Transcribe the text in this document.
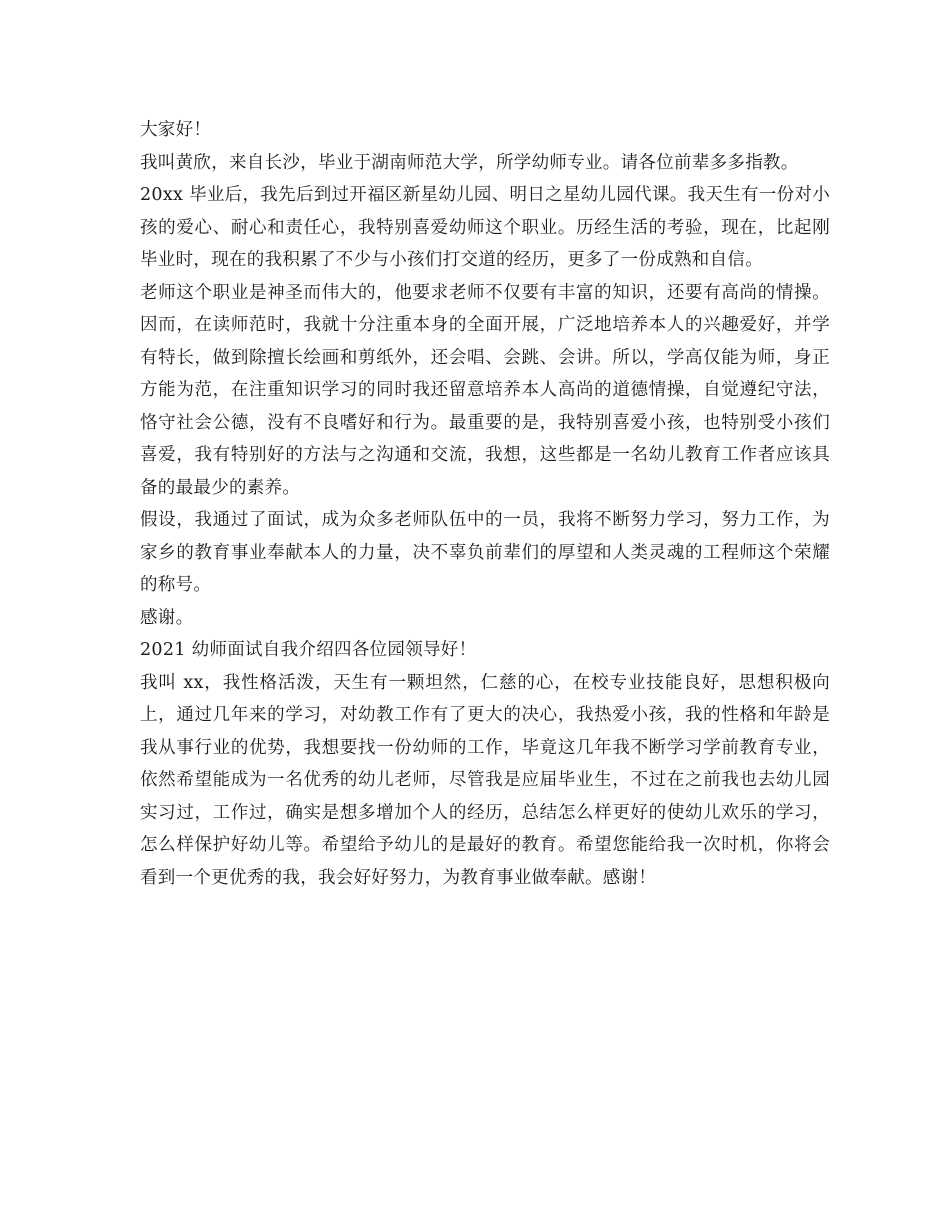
大家好！

我叫黄欣，来自长沙，毕业于湖南师范大学，所学幼师专业。请各位前辈多多指教。

20xx 毕业后，我先后到过开福区新星幼儿园、明日之星幼儿园代课。我天生有一份对小孩的爱心、耐心和责任心，我特别喜爱幼师这个职业。历经生活的考验，现在，比起刚毕业时，现在的我积累了不少与小孩们打交道的经历，更多了一份成熟和自信。

老师这个职业是神圣而伟大的，他要求老师不仅要有丰富的知识，还要有高尚的情操。因而，在读师范时，我就十分注重本身的全面开展，广泛地培养本人的兴趣爱好，并学有特长，做到除擅长绘画和剪纸外，还会唱、会跳、会讲。所以，学高仅能为师，身正方能为范，在注重知识学习的同时我还留意培养本人高尚的道德情操，自觉遵纪守法，恪守社会公德，没有不良嗜好和行为。最重要的是，我特别喜爱小孩，也特别受小孩们喜爱，我有特别好的方法与之沟通和交流，我想，这些都是一名幼儿教育工作者应该具备的最最少的素养。

假设，我通过了面试，成为众多老师队伍中的一员，我将不断努力学习，努力工作，为家乡的教育事业奉献本人的力量，决不辜负前辈们的厚望和人类灵魂的工程师这个荣耀的称号。

感谢。

2021 幼师面试自我介绍四各位园领导好！

我叫 xx，我性格活泼，天生有一颗坦然，仁慈的心，在校专业技能良好，思想积极向上，通过几年来的学习，对幼教工作有了更大的决心，我热爱小孩，我的性格和年龄是我从事行业的优势，我想要找一份幼师的工作，毕竟这几年我不断学习学前教育专业，依然希望能成为一名优秀的幼儿老师，尽管我是应届毕业生，不过在之前我也去幼儿园实习过，工作过，确实是想多增加个人的经历，总结怎么样更好的使幼儿欢乐的学习，怎么样保护好幼儿等。希望给予幼儿的是最好的教育。希望您能给我一次时机，你将会看到一个更优秀的我，我会好好努力，为教育事业做奉献。感谢！
